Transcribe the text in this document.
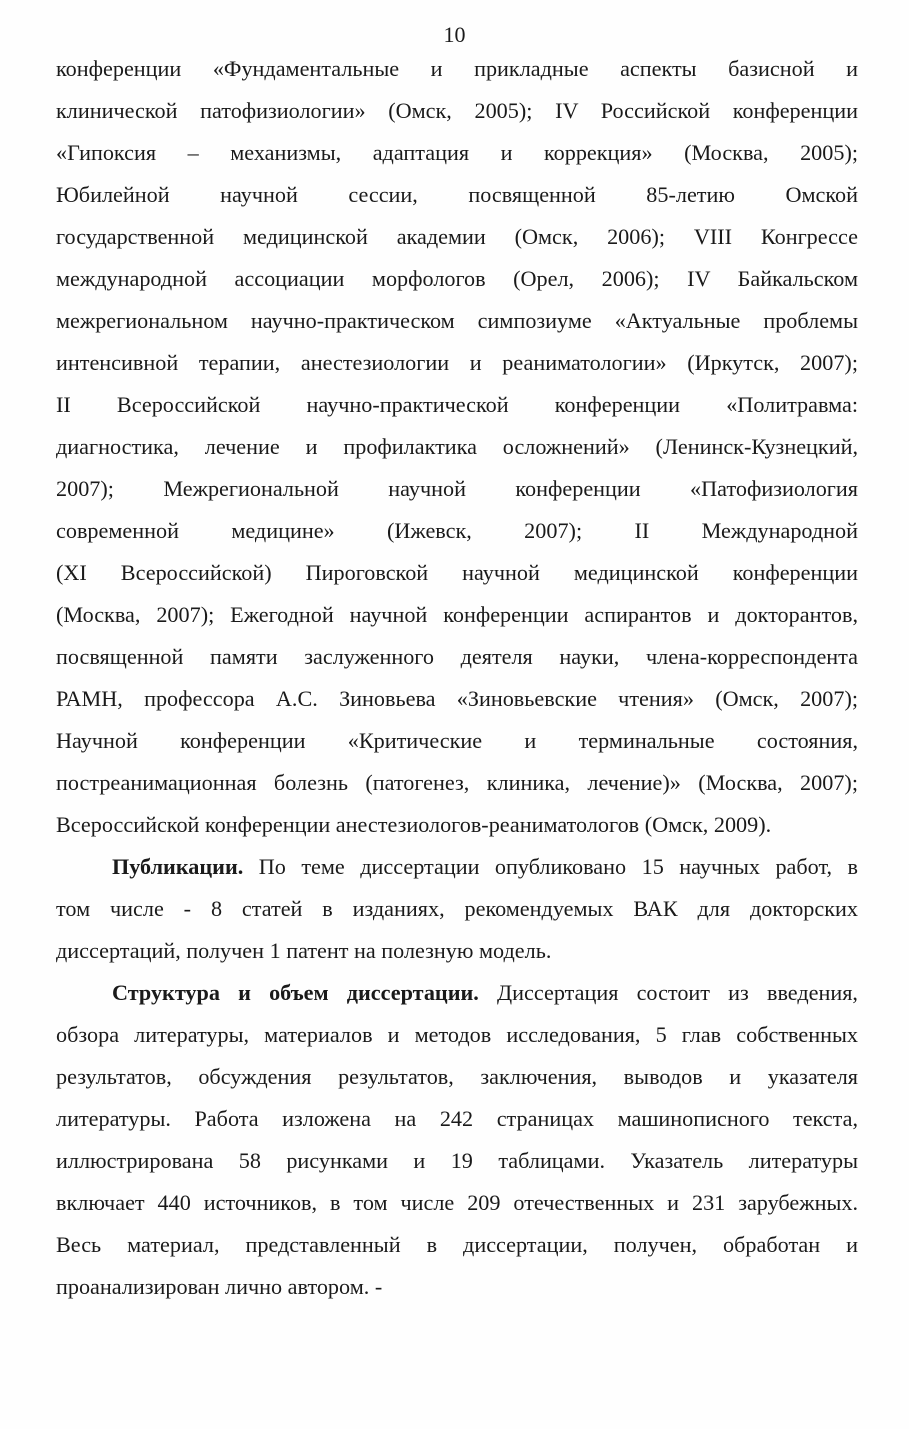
10
конференции «Фундаментальные и прикладные аспекты базисной и
клинической патофизиологии» (Омск, 2005); IV Российской конференции
«Гипоксия – механизмы, адаптация и коррекция» (Москва, 2005);
Юбилейной научной сессии, посвященной 85-летию Омской
государственной медицинской академии (Омск, 2006); VIII Конгрессе
международной ассоциации морфологов (Орел, 2006); IV Байкальском
межрегиональном научно-практическом симпозиуме «Актуальные проблемы
интенсивной терапии, анестезиологии и реаниматологии» (Иркутск, 2007);
II Всероссийской научно-практической конференции «Политравма:
диагностика, лечение и профилактика осложнений» (Ленинск-Кузнецкий,
2007); Межрегиональной научной конференции «Патофизиология
современной медицине» (Ижевск, 2007); II Международной
(XI Всероссийской) Пироговской научной медицинской конференции
(Москва, 2007); Ежегодной научной конференции аспирантов и докторантов,
посвященной памяти заслуженного деятеля науки, члена-корреспондента
РАМН, профессора А.С. Зиновьева «Зиновьевские чтения» (Омск, 2007);
Научной конференции «Критические и терминальные состояния,
постреанимационная болезнь (патогенез, клиника, лечение)» (Москва, 2007);
Всероссийской конференции анестезиологов-реаниматологов (Омск, 2009).
Публикации. По теме диссертации опубликовано 15 научных работ, в
том числе - 8 статей в изданиях, рекомендуемых ВАК для докторских
диссертаций, получен 1 патент на полезную модель.
Структура и объем диссертации. Диссертация состоит из введения,
обзора литературы, материалов и методов исследования, 5 глав собственных
результатов, обсуждения результатов, заключения, выводов и указателя
литературы. Работа изложена на 242 страницах машинописного текста,
иллюстрирована 58 рисунками и 19 таблицами. Указатель литературы
включает 440 источников, в том числе 209 отечественных и 231 зарубежных.
Весь материал, представленный в диссертации, получен, обработан и
проанализирован лично автором. -
